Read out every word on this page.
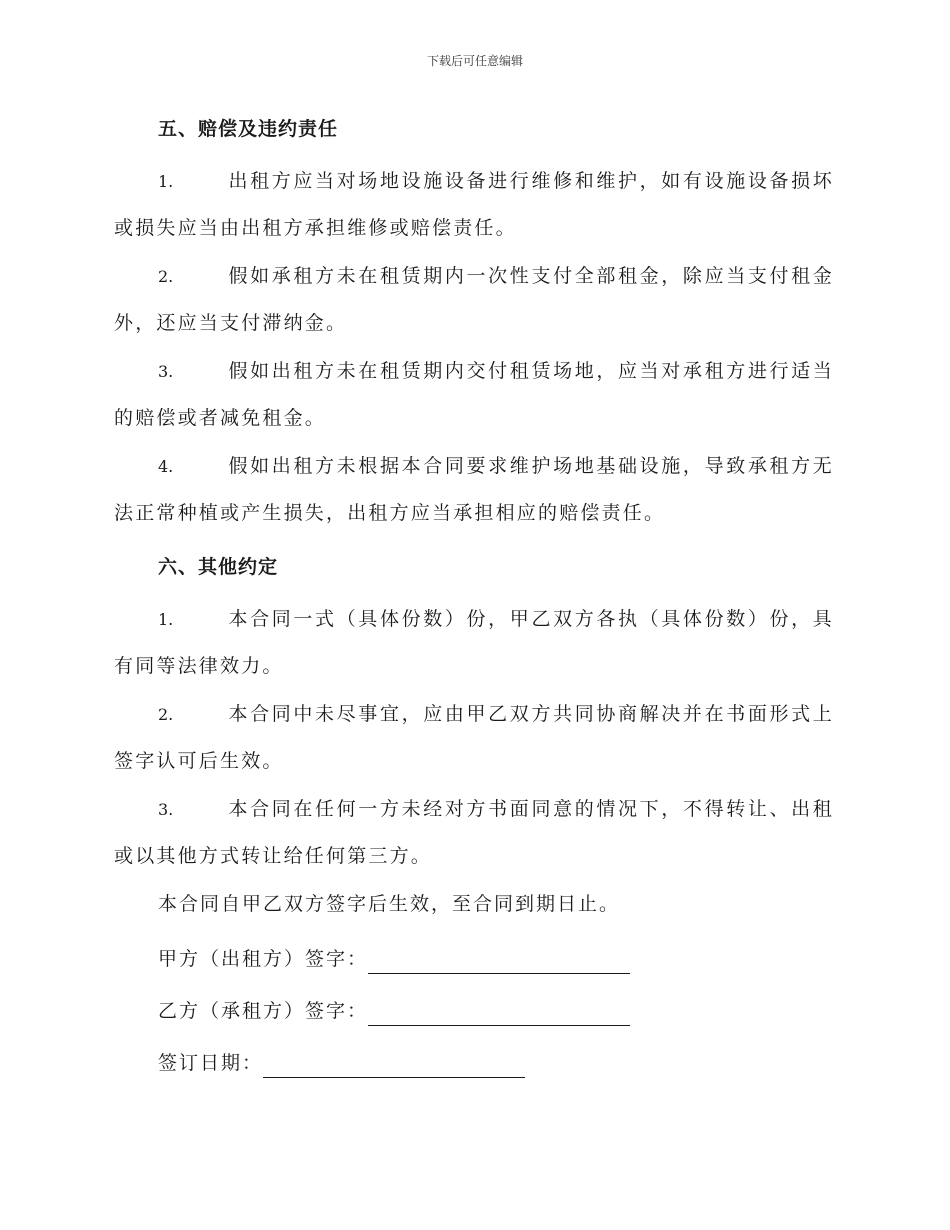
下载后可任意编辑
五、赔偿及违约责任
1.	出租方应当对场地设施设备进行维修和维护，如有设施设备损坏或损失应当由出租方承担维修或赔偿责任。
2.	假如承租方未在租赁期内一次性支付全部租金，除应当支付租金外，还应当支付滞纳金。
3.	假如出租方未在租赁期内交付租赁场地，应当对承租方进行适当的赔偿或者减免租金。
4.	假如出租方未根据本合同要求维护场地基础设施，导致承租方无法正常种植或产生损失，出租方应当承担相应的赔偿责任。
六、其他约定
1.	本合同一式（具体份数）份，甲乙双方各执（具体份数）份，具有同等法律效力。
2.	本合同中未尽事宜，应由甲乙双方共同协商解决并在书面形式上签字认可后生效。
3.	本合同在任何一方未经对方书面同意的情况下，不得转让、出租或以其他方式转让给任何第三方。
本合同自甲乙双方签字后生效，至合同到期日止。
甲方（出租方）签字：
乙方（承租方）签字：
签订日期：
